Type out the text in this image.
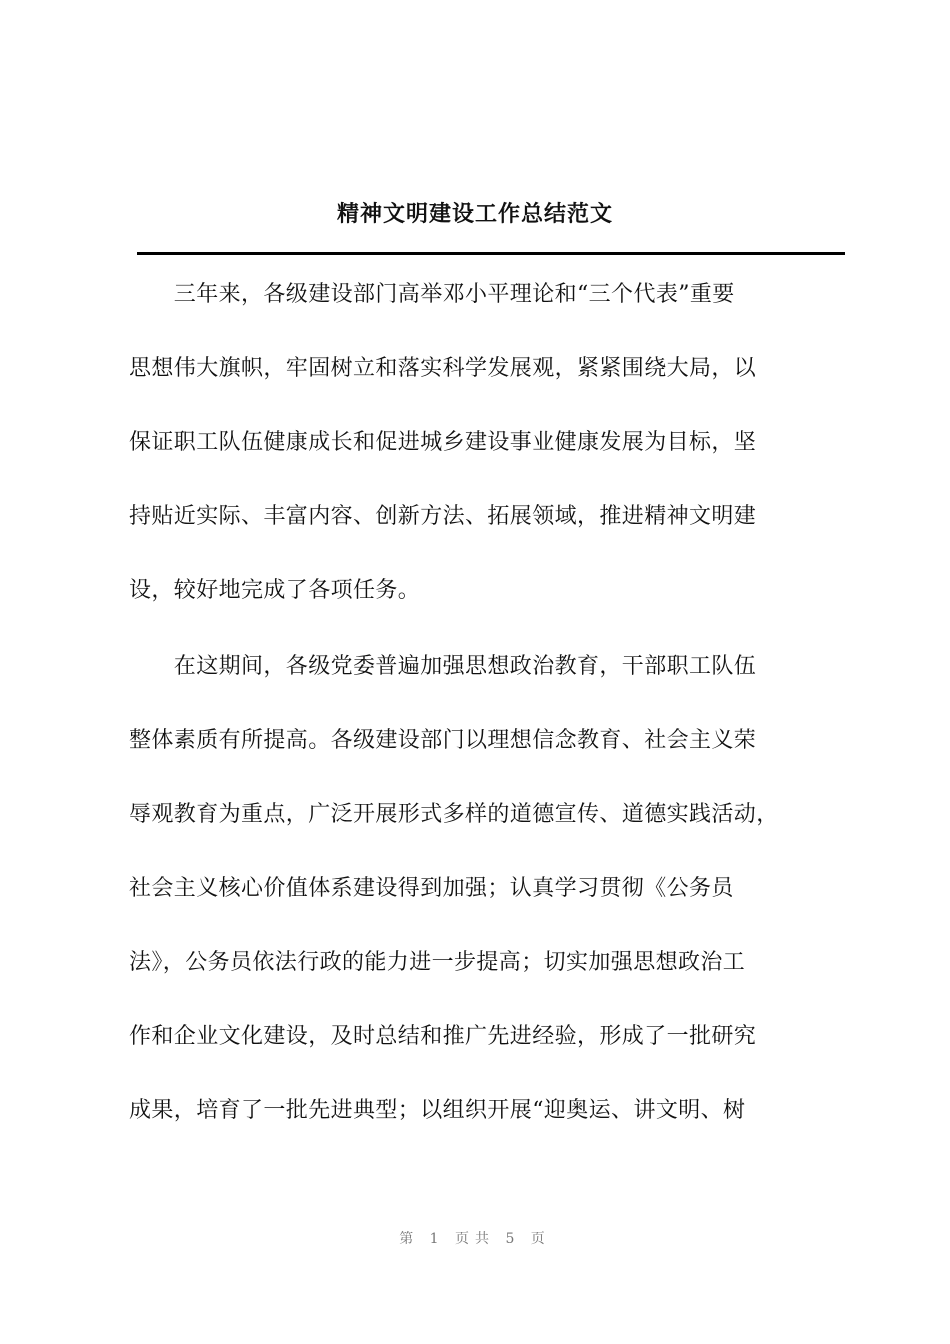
精神文明建设工作总结范文
　　三年来，各级建设部门高举邓小平理论和“三个代表”重要
思想伟大旗帜，牢固树立和落实科学发展观，紧紧围绕大局，以
保证职工队伍健康成长和促进城乡建设事业健康发展为目标，坚
持贴近实际、丰富内容、创新方法、拓展领域，推进精神文明建
设，较好地完成了各项任务。
　　在这期间，各级党委普遍加强思想政治教育，干部职工队伍
整体素质有所提高。各级建设部门以理想信念教育、社会主义荣
辱观教育为重点，广泛开展形式多样的道德宣传、道德实践活动，
社会主义核心价值体系建设得到加强；认真学习贯彻《公务员
法》，公务员依法行政的能力进一步提高；切实加强思想政治工
作和企业文化建设，及时总结和推广先进经验，形成了一批研究
成果，培育了一批先进典型；以组织开展“迎奥运、讲文明、树
第 1 页共 5 页
